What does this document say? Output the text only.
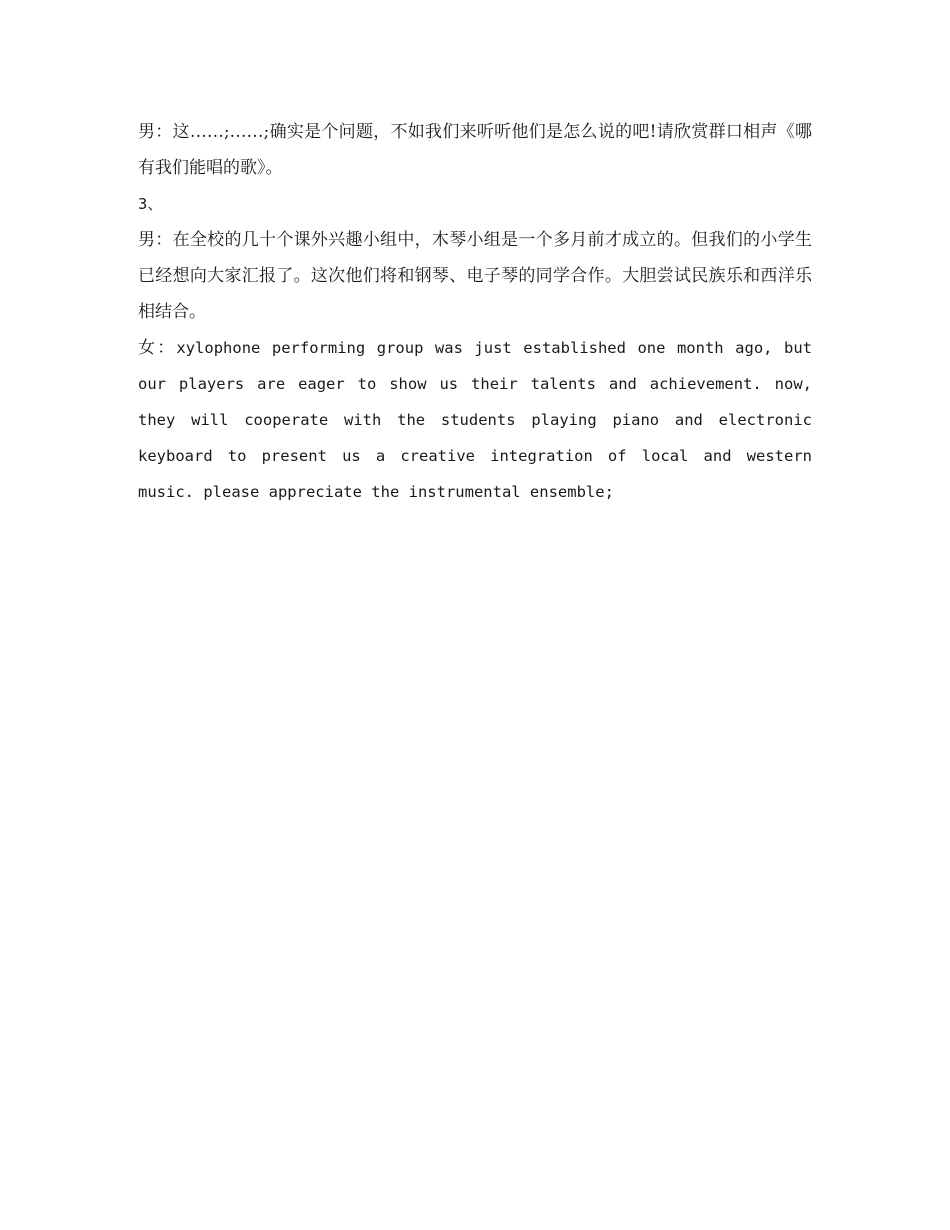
男：这……;……;确实是个问题，不如我们来听听他们是怎么说的吧!请欣赏群口相声《哪有我们能唱的歌》。

3、

男：在全校的几十个课外兴趣小组中，木琴小组是一个多月前才成立的。但我们的小学生已经想向大家汇报了。这次他们将和钢琴、电子琴的同学合作。大胆尝试民族乐和西洋乐相结合。

女：xylophone performing group was just established one month ago, but our players are eager to show us their talents and achievement. now, they will cooperate with the students playing piano and electronic keyboard to present us a creative integration of local and western music. please appreciate the instrumental ensemble;
